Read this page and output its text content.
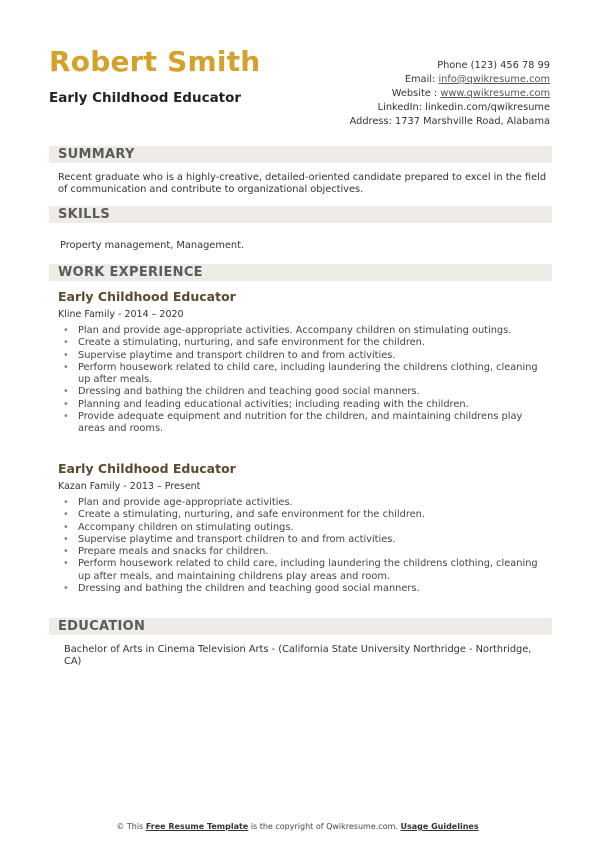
Robert Smith
Early Childhood Educator
Phone (123) 456 78 99
Email: info@qwikresume.com
Website : www.qwikresume.com
LinkedIn: linkedin.com/qwikresume
Address: 1737 Marshville Road, Alabama
SUMMARY
Recent graduate who is a highly-creative, detailed-oriented candidate prepared to excel in the field of communication and contribute to organizational objectives.
SKILLS
Property management, Management.
WORK EXPERIENCE
Early Childhood Educator
Kline Family - 2014 – 2020
• Plan and provide age-appropriate activities. Accompany children on stimulating outings.
• Create a stimulating, nurturing, and safe environment for the children.
• Supervise playtime and transport children to and from activities.
• Perform housework related to child care, including laundering the childrens clothing, cleaning up after meals.
• Dressing and bathing the children and teaching good social manners.
• Planning and leading educational activities; including reading with the children.
• Provide adequate equipment and nutrition for the children, and maintaining childrens play areas and rooms.
Early Childhood Educator
Kazan Family - 2013 – Present
• Plan and provide age-appropriate activities.
• Create a stimulating, nurturing, and safe environment for the children.
• Accompany children on stimulating outings.
• Supervise playtime and transport children to and from activities.
• Prepare meals and snacks for children.
• Perform housework related to child care, including laundering the childrens clothing, cleaning up after meals, and maintaining childrens play areas and room.
• Dressing and bathing the children and teaching good social manners.
EDUCATION
Bachelor of Arts in Cinema Television Arts - (California State University Northridge - Northridge, CA)
© This Free Resume Template is the copyright of Qwikresume.com. Usage Guidelines
